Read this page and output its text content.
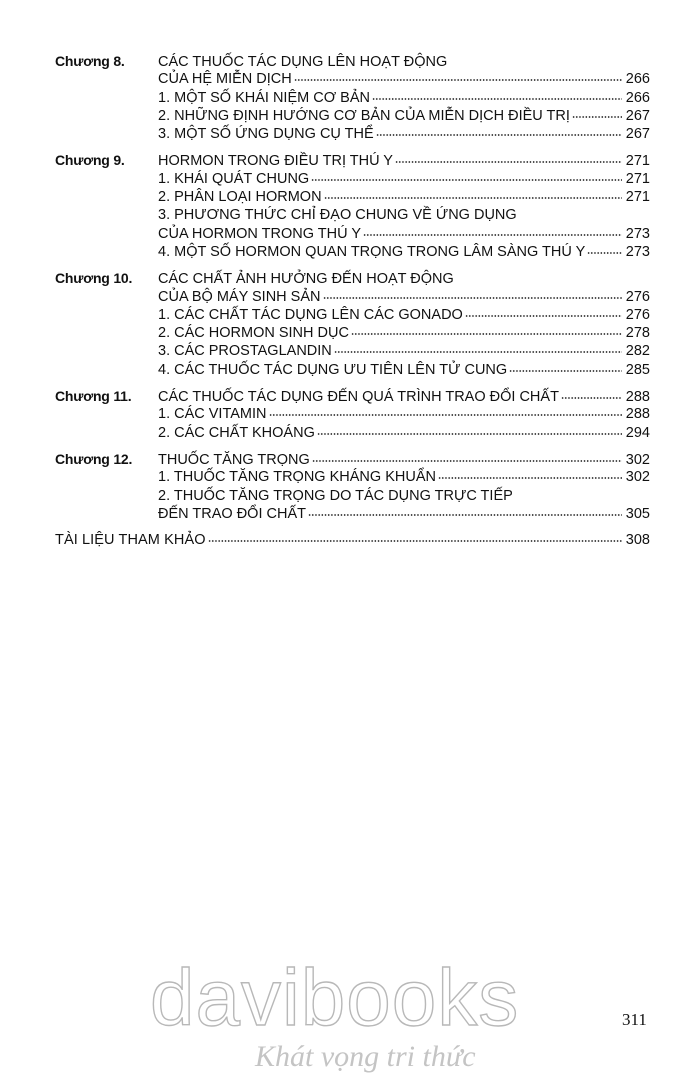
Chương 8.	CÁC THUỐC TÁC DỤNG LÊN HOẠT ĐỘNG
CỦA HỆ MIỄN DỊCH	266
1. MỘT SỐ KHÁI NIỆM CƠ BẢN	266
2. NHỮNG ĐỊNH HƯỚNG CƠ BẢN CỦA MIỄN DỊCH ĐIỀU TRỊ	267
3. MỘT SỐ ỨNG DỤNG CỤ THỂ	267
Chương 9.	HORMON TRONG ĐIỀU TRỊ THÚ Y	271
1. KHÁI QUÁT CHUNG	271
2. PHÂN LOẠI HORMON	271
3. PHƯƠNG THỨC CHỈ ĐẠO CHUNG VỀ ỨNG DỤNG
CỦA HORMON TRONG THÚ Y	273
4. MỘT SỐ HORMON QUAN TRỌNG TRONG LÂM SÀNG THÚ Y	273
Chương 10.	CÁC CHẤT ẢNH HƯỞNG ĐẾN HOẠT ĐỘNG
CỦA BỘ MÁY SINH SẢN	276
1. CÁC CHẤT TÁC DỤNG LÊN CÁC GONADO	276
2. CÁC HORMON SINH DỤC	278
3. CÁC PROSTAGLANDIN	282
4. CÁC THUỐC TÁC DỤNG ƯU TIÊN LÊN TỬ CUNG	285
Chương 11.	CÁC THUỐC TÁC DỤNG ĐẾN QUÁ TRÌNH TRAO ĐỔI CHẤT	288
1. CÁC VITAMIN	288
2. CÁC CHẤT KHOÁNG	294
Chương 12.	THUỐC TĂNG TRỌNG	302
1. THUỐC TĂNG TRỌNG KHÁNG KHUẨN	302
2. THUỐC TĂNG TRỌNG DO TÁC DỤNG TRỰC TIẾP
ĐẾN TRAO ĐỔI CHẤT	305
TÀI LIỆU THAM KHẢO	308
311
davibooks
Khát vọng tri thức
